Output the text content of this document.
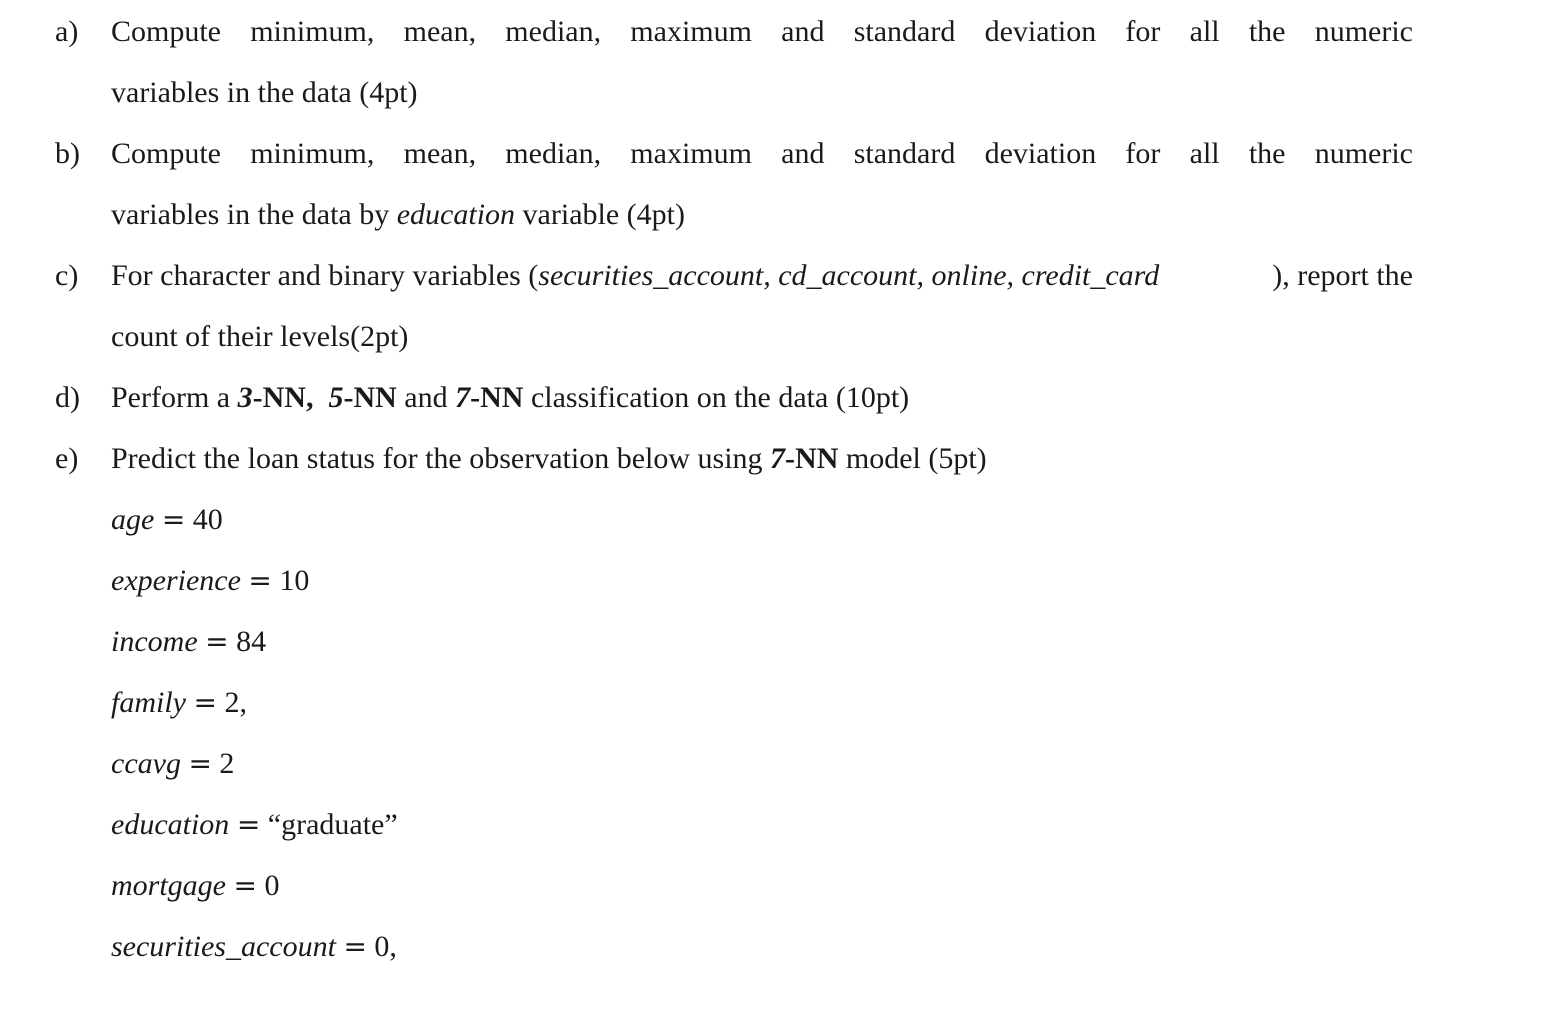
a) Compute minimum, mean, median, maximum and standard deviation for all the numeric
variables in the data (4pt)
b) Compute minimum, mean, median, maximum and standard deviation for all the numeric
variables in the data by education variable (4pt)
c) For character and binary variables ( securities_account, cd_account, online, credit_card	), report the
count of their levels(2pt)
d) Perform a 3-NN,  5-NN and 7-NN classification on the data (10pt)
e) Predict the loan status for the observation below using 7-NN model (5pt)
age = 40
experience = 10
income = 84
family = 2,
ccavg = 2
education = “graduate”
mortgage = 0
securities_account = 0,
